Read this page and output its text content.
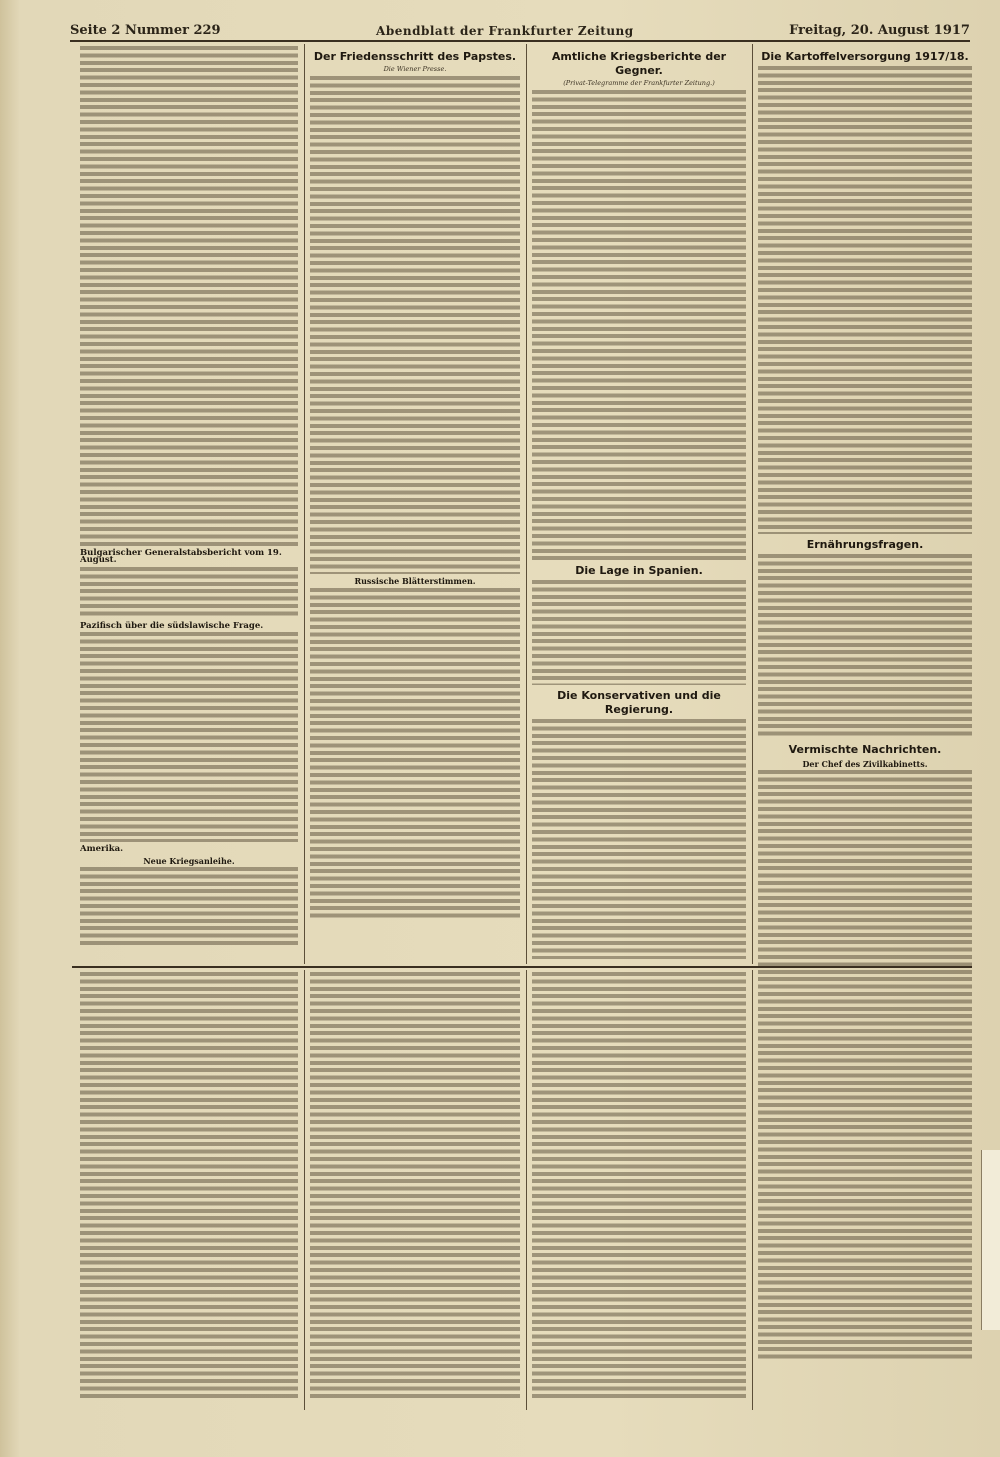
Seite 2 Nummer 229	Abendblatt der Frankfurter Zeitung	Freitag, 20. August 1917
Bulgarischer Generalstabsbericht vom 19. August.
Pazifisch über die südslawische Frage.
Amerika.
Neue Kriegsanleihe.
Der Friedensschritt des Papstes.
Die Wiener Presse.
Russische Blätterstimmen.
Amtliche Kriegsberichte der Gegner.
(Privat-Telegramme der Frankfurter Zeitung.)
Die Lage in Spanien.
Die Konservativen und die Regierung.
Die Kartoffelversorgung 1917/18.
Ernährungsfragen.
Vermischte Nachrichten.
Der Chef des Zivilkabinetts.
